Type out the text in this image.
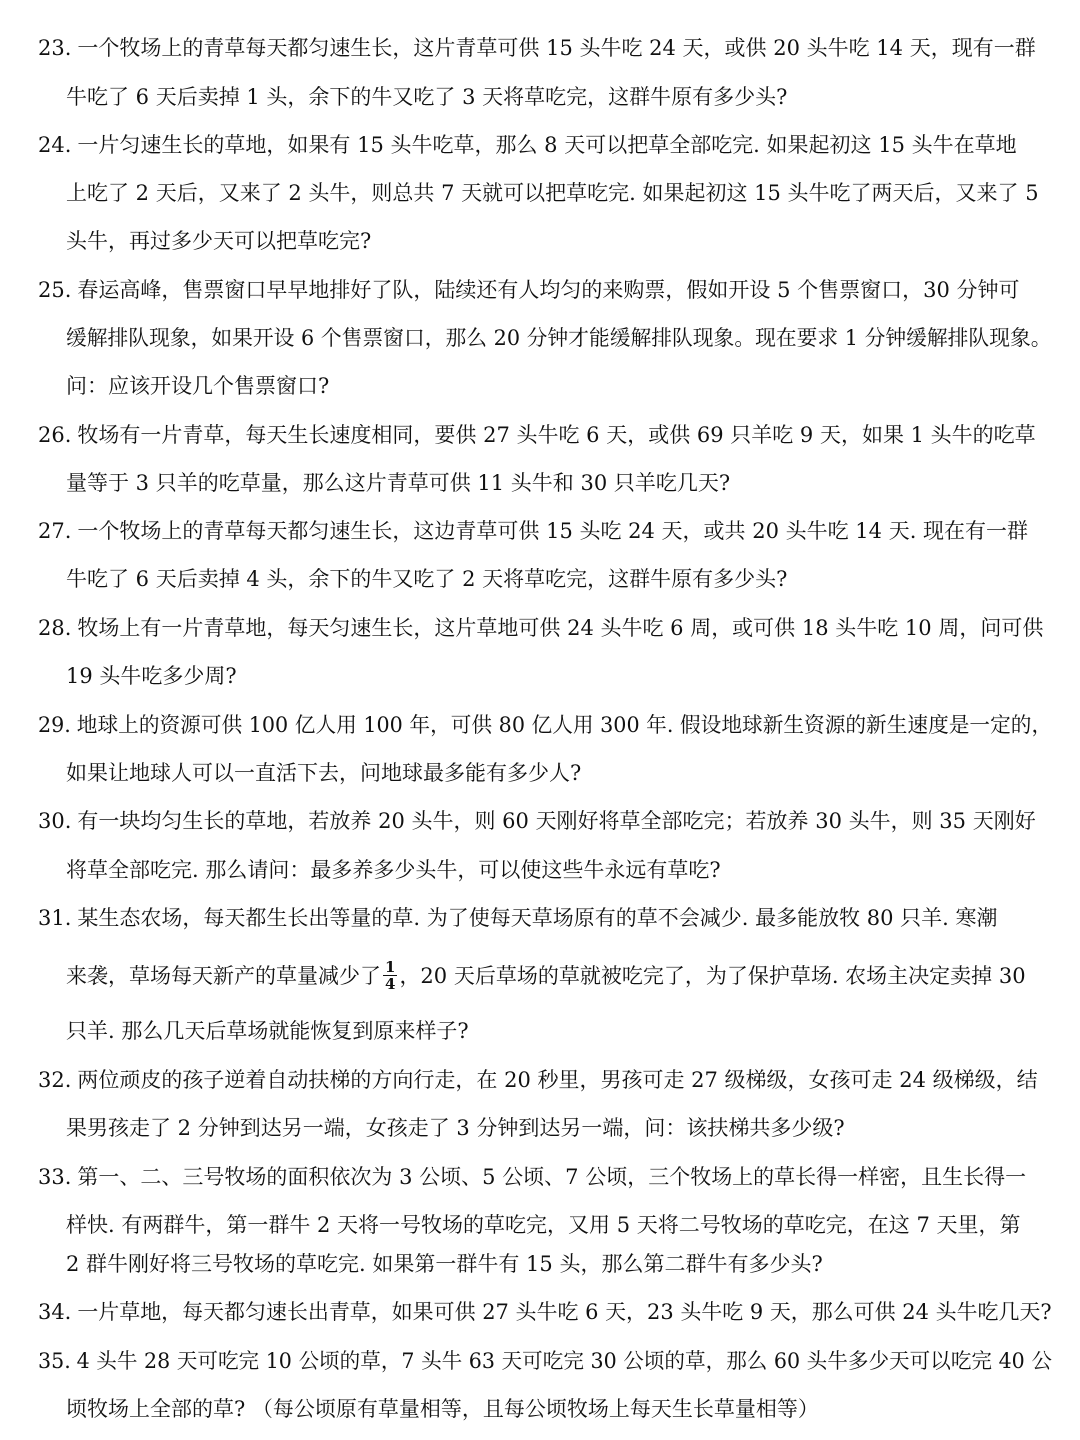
23. 一个牧场上的青草每天都匀速生长，这片青草可供 15 头牛吃 24 天，或供 20 头牛吃 14 天，现有一群
牛吃了 6 天后卖掉 1 头，余下的牛又吃了 3 天将草吃完，这群牛原有多少头?
24. 一片匀速生长的草地，如果有 15 头牛吃草，那么 8 天可以把草全部吃完. 如果起初这 15 头牛在草地
上吃了 2 天后，又来了 2 头牛，则总共 7 天就可以把草吃完. 如果起初这 15 头牛吃了两天后，又来了 5
头牛，再过多少天可以把草吃完?
25. 春运高峰，售票窗口早早地排好了队，陆续还有人均匀的来购票，假如开设 5 个售票窗口，30 分钟可
缓解排队现象，如果开设 6 个售票窗口，那么 20 分钟才能缓解排队现象。现在要求 1 分钟缓解排队现象。
问：应该开设几个售票窗口?
26. 牧场有一片青草，每天生长速度相同，要供 27 头牛吃 6 天，或供 69 只羊吃 9 天，如果 1 头牛的吃草
量等于 3 只羊的吃草量，那么这片青草可供 11 头牛和 30 只羊吃几天?
27. 一个牧场上的青草每天都匀速生长，这边青草可供 15 头吃 24 天，或共 20 头牛吃 14 天. 现在有一群
牛吃了 6 天后卖掉 4 头，余下的牛又吃了 2 天将草吃完，这群牛原有多少头?
28. 牧场上有一片青草地，每天匀速生长，这片草地可供 24 头牛吃 6 周，或可供 18 头牛吃 10 周，问可供
19 头牛吃多少周?
29. 地球上的资源可供 100 亿人用 100 年，可供 80 亿人用 300 年. 假设地球新生资源的新生速度是一定的，
如果让地球人可以一直活下去，问地球最多能有多少人?
30. 有一块均匀生长的草地，若放养 20 头牛，则 60 天刚好将草全部吃完；若放养 30 头牛，则 35 天刚好
将草全部吃完. 那么请问：最多养多少头牛，可以使这些牛永远有草吃?
31. 某生态农场，每天都生长出等量的草. 为了使每天草场原有的草不会减少. 最多能放牧 80 只羊. 寒潮
来袭，草场每天新产的草量减少了 $\frac{1}{4}$ ，20 天后草场的草就被吃完了，为了保护草场. 农场主决定卖掉 30
只羊. 那么几天后草场就能恢复到原来样子?
32. 两位顽皮的孩子逆着自动扶梯的方向行走，在 20 秒里，男孩可走 27 级梯级，女孩可走 24 级梯级，结
果男孩走了 2 分钟到达另一端，女孩走了 3 分钟到达另一端，问：该扶梯共多少级?
33. 第一、二、三号牧场的面积依次为 3 公顷、5 公顷、7 公顷，三个牧场上的草长得一样密，且生长得一
样快. 有两群牛，第一群牛 2 天将一号牧场的草吃完，又用 5 天将二号牧场的草吃完，在这 7 天里，第
2 群牛刚好将三号牧场的草吃完. 如果第一群牛有 15 头，那么第二群牛有多少头?
34. 一片草地，每天都匀速长出青草，如果可供 27 头牛吃 6 天，23 头牛吃 9 天，那么可供 24 头牛吃几天?
35. 4 头牛 28 天可吃完 10 公顷的草，7 头牛 63 天可吃完 30 公顷的草，那么 60 头牛多少天可以吃完 40 公
顷牧场上全部的草? （每公顷原有草量相等，且每公顷牧场上每天生长草量相等）
